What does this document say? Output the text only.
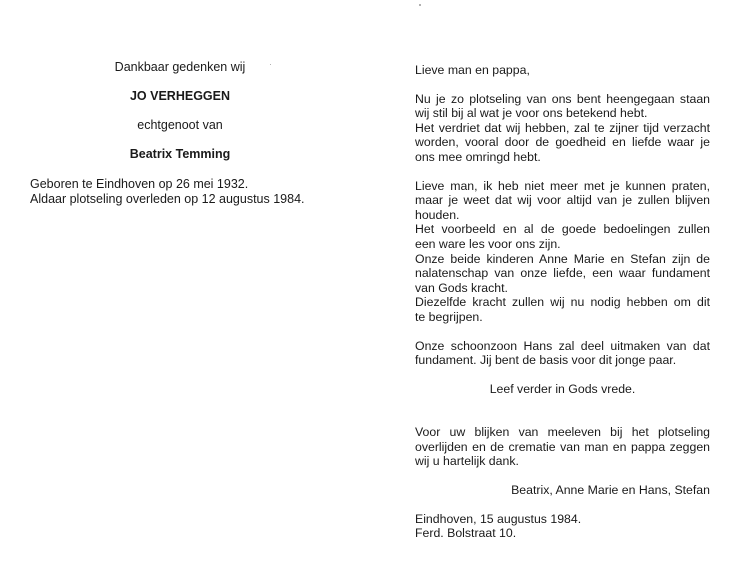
Dankbaar gedenken wij

JO VERHEGGEN

echtgenoot van

Beatrix Temming

Geboren te Eindhoven op 26 mei 1932.
Aldaar plotseling overleden op 12 augustus 1984.

Lieve man en pappa,

Nu je zo plotseling van ons bent heengegaan staan
wij stil bij al wat je voor ons betekend hebt.
Het verdriet dat wij hebben, zal te zijner tijd verzacht
worden, vooral door de goedheid en liefde waar je
ons mee omringd hebt.

Lieve man, ik heb niet meer met je kunnen praten,
maar je weet dat wij voor altijd van je zullen blijven
houden.
Het voorbeeld en al de goede bedoelingen zullen
een ware les voor ons zijn.
Onze beide kinderen Anne Marie en Stefan zijn de
nalatenschap van onze liefde, een waar fundament
van Gods kracht.
Diezelfde kracht zullen wij nu nodig hebben om dit
te begrijpen.

Onze schoonzoon Hans zal deel uitmaken van dat
fundament. Jij bent de basis voor dit jonge paar.

Leef verder in Gods vrede.

Voor uw blijken van meeleven bij het plotseling
overlijden en de crematie van man en pappa zeggen
wij u hartelijk dank.

Beatrix, Anne Marie en Hans, Stefan

Eindhoven, 15 augustus 1984.
Ferd. Bolstraat 10.
